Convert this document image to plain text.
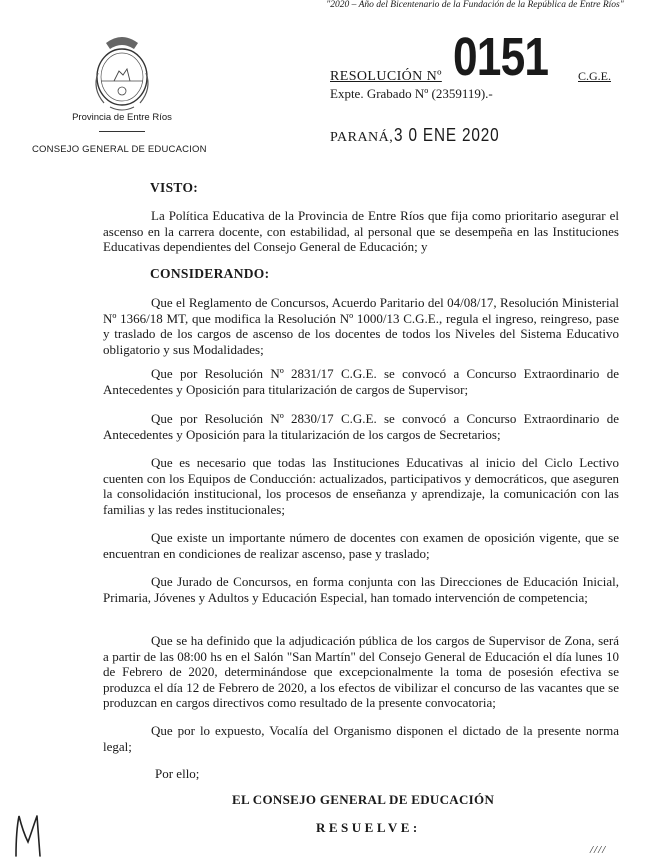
"2020 – Año del Bicentenario de la Fundación de la República de Entre Ríos"
Provincia de Entre Ríos
CONSEJO GENERAL DE EDUCACION
RESOLUCIÓN Nº 0151 C.G.E.
Expte. Grabado Nº (2359119).-
PARANÁ, 3 0 ENE 2020
VISTO:
La Política Educativa de la Provincia de Entre Ríos que fija como prioritario asegurar el ascenso en la carrera docente, con estabilidad, al personal que se desempeña en las Instituciones Educativas dependientes del Consejo General de Educación; y
CONSIDERANDO:
Que el Reglamento de Concursos, Acuerdo Paritario del 04/08/17, Resolución Ministerial Nº 1366/18 MT, que modifica la Resolución Nº 1000/13 C.G.E., regula el ingreso, reingreso, pase y traslado de los cargos de ascenso de los docentes de todos los Niveles del Sistema Educativo obligatorio y sus Modalidades;
Que por Resolución Nº 2831/17 C.G.E. se convocó a Concurso Extraordinario de Antecedentes y Oposición para titularización de cargos de Supervisor;
Que por Resolución Nº 2830/17 C.G.E. se convocó a Concurso Extraordinario de Antecedentes y Oposición para la titularización de los cargos de Secretarios;
Que es necesario que todas las Instituciones Educativas al inicio del Ciclo Lectivo cuenten con los Equipos de Conducción: actualizados, participativos y democráticos, que aseguren la consolidación institucional, los procesos de enseñanza y aprendizaje, la comunicación con las familias y las redes institucionales;
Que existe un importante número de docentes con examen de oposición vigente, que se encuentran en condiciones de realizar ascenso, pase y traslado;
Que Jurado de Concursos, en forma conjunta con las Direcciones de Educación Inicial, Primaria, Jóvenes y Adultos y Educación Especial, han tomado intervención de competencia;
Que se ha definido que la adjudicación pública de los cargos de Supervisor de Zona, será a partir de las 08:00 hs en el Salón "San Martín" del Consejo General de Educación el día lunes 10 de Febrero de 2020, determinándose que excepcionalmente la toma de posesión efectiva se produzca el día 12 de Febrero de 2020, a los efectos de vibilizar el concurso de las vacantes que se produzcan en cargos directivos como resultado de la presente convocatoria;
Que por lo expuesto, Vocalía del Organismo disponen el dictado de la presente norma legal;
Por ello;
EL CONSEJO GENERAL DE EDUCACIÓN
RESUELVE:
////
